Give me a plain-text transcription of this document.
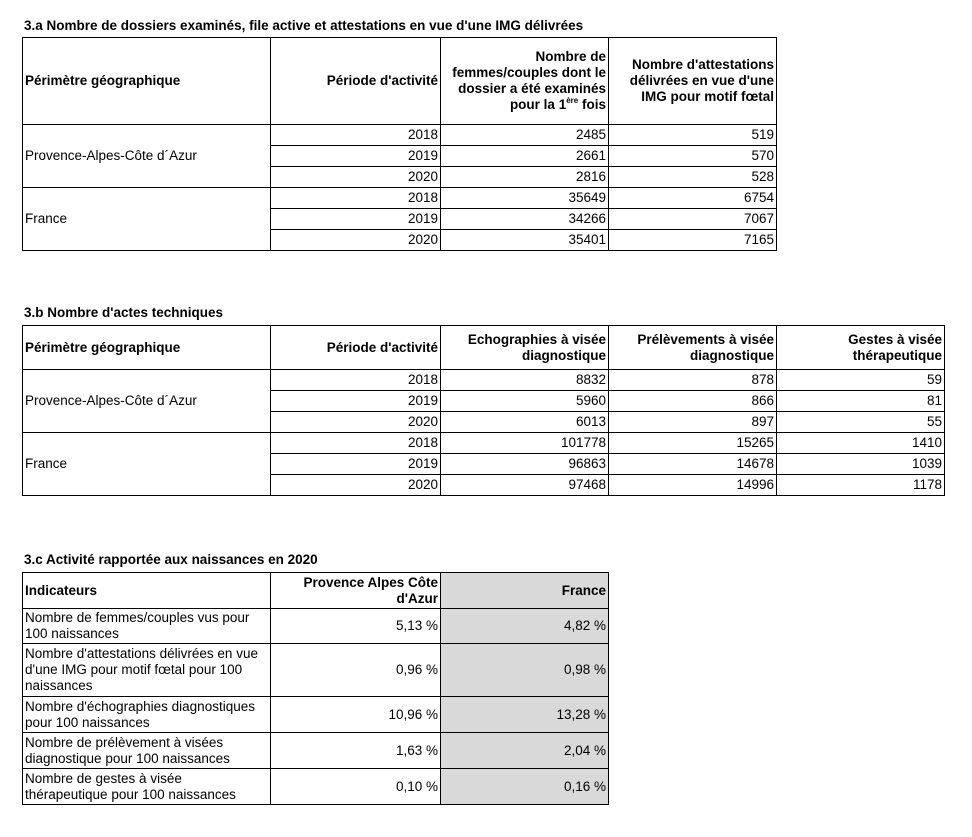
3.a Nombre de dossiers examinés, file active et attestations en vue d'une IMG délivrées
Périmètre géographique	Période d'activité	Nombre de femmes/couples dont le dossier a été examinés pour la 1ère fois	Nombre d'attestations délivrées en vue d'une IMG pour motif fœtal
Provence-Alpes-Côte d´Azur	2018	2485	519
	2019	2661	570
	2020	2816	528
France	2018	35649	6754
	2019	34266	7067
	2020	35401	7165
3.b Nombre d'actes techniques
Périmètre géographique	Période d'activité	Echographies à visée diagnostique	Prélèvements à visée diagnostique	Gestes à visée thérapeutique
Provence-Alpes-Côte d´Azur	2018	8832	878	59
	2019	5960	866	81
	2020	6013	897	55
France	2018	101778	15265	1410
	2019	96863	14678	1039
	2020	97468	14996	1178
3.c Activité rapportée aux naissances en 2020
Indicateurs	Provence Alpes Côte d'Azur	France
Nombre de femmes/couples vus pour 100 naissances	5,13 %	4,82 %
Nombre d'attestations délivrées en vue d'une IMG pour motif fœtal pour 100 naissances	0,96 %	0,98 %
Nombre d'échographies diagnostiques pour 100 naissances	10,96 %	13,28 %
Nombre de prélèvement à visées diagnostique pour 100 naissances	1,63 %	2,04 %
Nombre de gestes à visée thérapeutique pour 100 naissances	0,10 %	0,16 %
